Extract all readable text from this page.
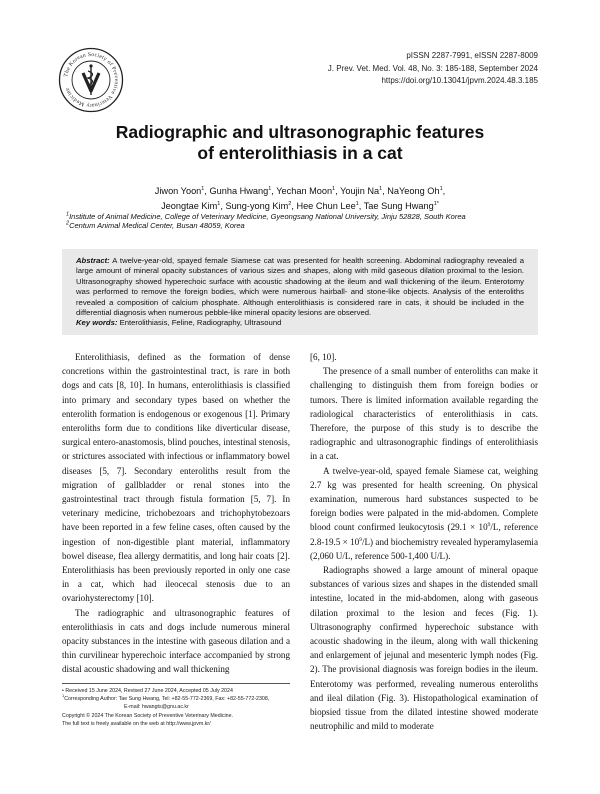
The Korean Society of Preventive Veterinary Medicine
pISSN 2287-7991, eISSN 2287-8009
J. Prev. Vet. Med. Vol. 48, No. 3: 185-188, September 2024
https://doi.org/10.13041/jpvm.2024.48.3.185
Radiographic and ultrasonographic features
of enterolithiasis in a cat
Jiwon Yoon$^1$, Gunha Hwang$^1$, Yechan Moon$^1$, Youjin Na$^1$, NaYeong Oh$^1$,
Jeongtae Kim$^1$, Sung-yong Kim$^2$, Hee Chun Lee$^1$, Tae Sung Hwang$^{1*}$
$^1$Institute of Animal Medicine, College of Veterinary Medicine, Gyeongsang National University, Jinju 52828, South Korea
$^2$Centum Animal Medical Center, Busan 48059, Korea

Abstract: A twelve-year-old, spayed female Siamese cat was presented for health screening. Abdominal radiography revealed a large amount of mineral opacity substances of various sizes and shapes, along with mild gaseous dilation proximal to the lesion. Ultrasonography showed hyperechoic surface with acoustic shadowing at the ileum and wall thickening of the ileum. Enterotomy was performed to remove the foreign bodies, which were numerous hairball- and stone-like objects. Analysis of the enteroliths revealed a composition of calcium phosphate. Although enterolithiasis is considered rare in cats, it should be included in the differential diagnosis when numerous pebble-like mineral opacity lesions are observed.

Key words: Enterolithiasis, Feline, Radiography, Ultrasound

Enterolithiasis, defined as the formation of dense concretions within the gastrointestinal tract, is rare in both dogs and cats [8, 10]. In humans, enterolithiasis is classified into primary and secondary types based on whether the enterolith formation is endogenous or exogenous [1]. Primary enteroliths form due to conditions like diverticular disease, surgical entero-anastomosis, blind pouches, intestinal stenosis, or strictures associated with infectious or inflammatory bowel diseases [5, 7]. Secondary enteroliths result from the migration of gallbladder or renal stones into the gastrointestinal tract through fistula formation [5, 7]. In veterinary medicine, trichobezoars and trichophytobezoars have been reported in a few feline cases, often caused by the ingestion of non-digestible plant material, inflammatory bowel disease, flea allergy dermatitis, and long hair coats [2]. Enterolithiasis has been previously reported in only one case in a cat, which had ileocecal stenosis due to an ovariohysterectomy [10].

The radiographic and ultrasonographic features of enterolithiasis in cats and dogs include numerous mineral opacity substances in the intestine with gaseous dilation and a thin curvilinear hyperechoic interface accompanied by strong distal acoustic shadowing and wall thickening

[6, 10].

The presence of a small number of enteroliths can make it challenging to distinguish them from foreign bodies or tumors. There is limited information available regarding the radiological characteristics of enterolithiasis in cats. Therefore, the purpose of this study is to describe the radiographic and ultrasonographic findings of enterolithiasis in a cat.

A twelve-year-old, spayed female Siamese cat, weighing 2.7 kg was presented for health screening. On physical examination, numerous hard substances suspected to be foreign bodies were palpated in the mid-abdomen. Complete blood count confirmed leukocytosis ($29.1 \times 10^9/L$, reference $2.8-19.5 \times 10^9/L$) and biochemistry revealed hyperamylasemia (2,060 U/L, reference 500-1,400 U/L).

Radiographs showed a large amount of mineral opaque substances of various sizes and shapes in the distended small intestine, located in the mid-abdomen, along with gaseous dilation proximal to the lesion and feces (Fig. 1). Ultrasonography confirmed hyperechoic substance with acoustic shadowing in the ileum, along with wall thickening and enlargement of jejunal and mesenteric lymph nodes (Fig. 2). The provisional diagnosis was foreign bodies in the ileum. Enterotomy was performed, revealing numerous enteroliths and ileal dilation (Fig. 3). Histopathological examination of biopsied tissue from the dilated intestine showed moderate neutrophilic and mild to moderate

• Received 15 June 2024, Revised 27 June 2024, Accepted 05 July 2024
$^1$Corresponding Author: Tae Sung Hwang, Tel: +82-55-772-2369, Fax: +82-55-772-2308,
E-mail: hwangts@gnu.ac.kr
Copyright © 2024 The Korean Society of Preventive Veterinary Medicine.
The full text is freely available on the web at http://www.jpvm.kr/
